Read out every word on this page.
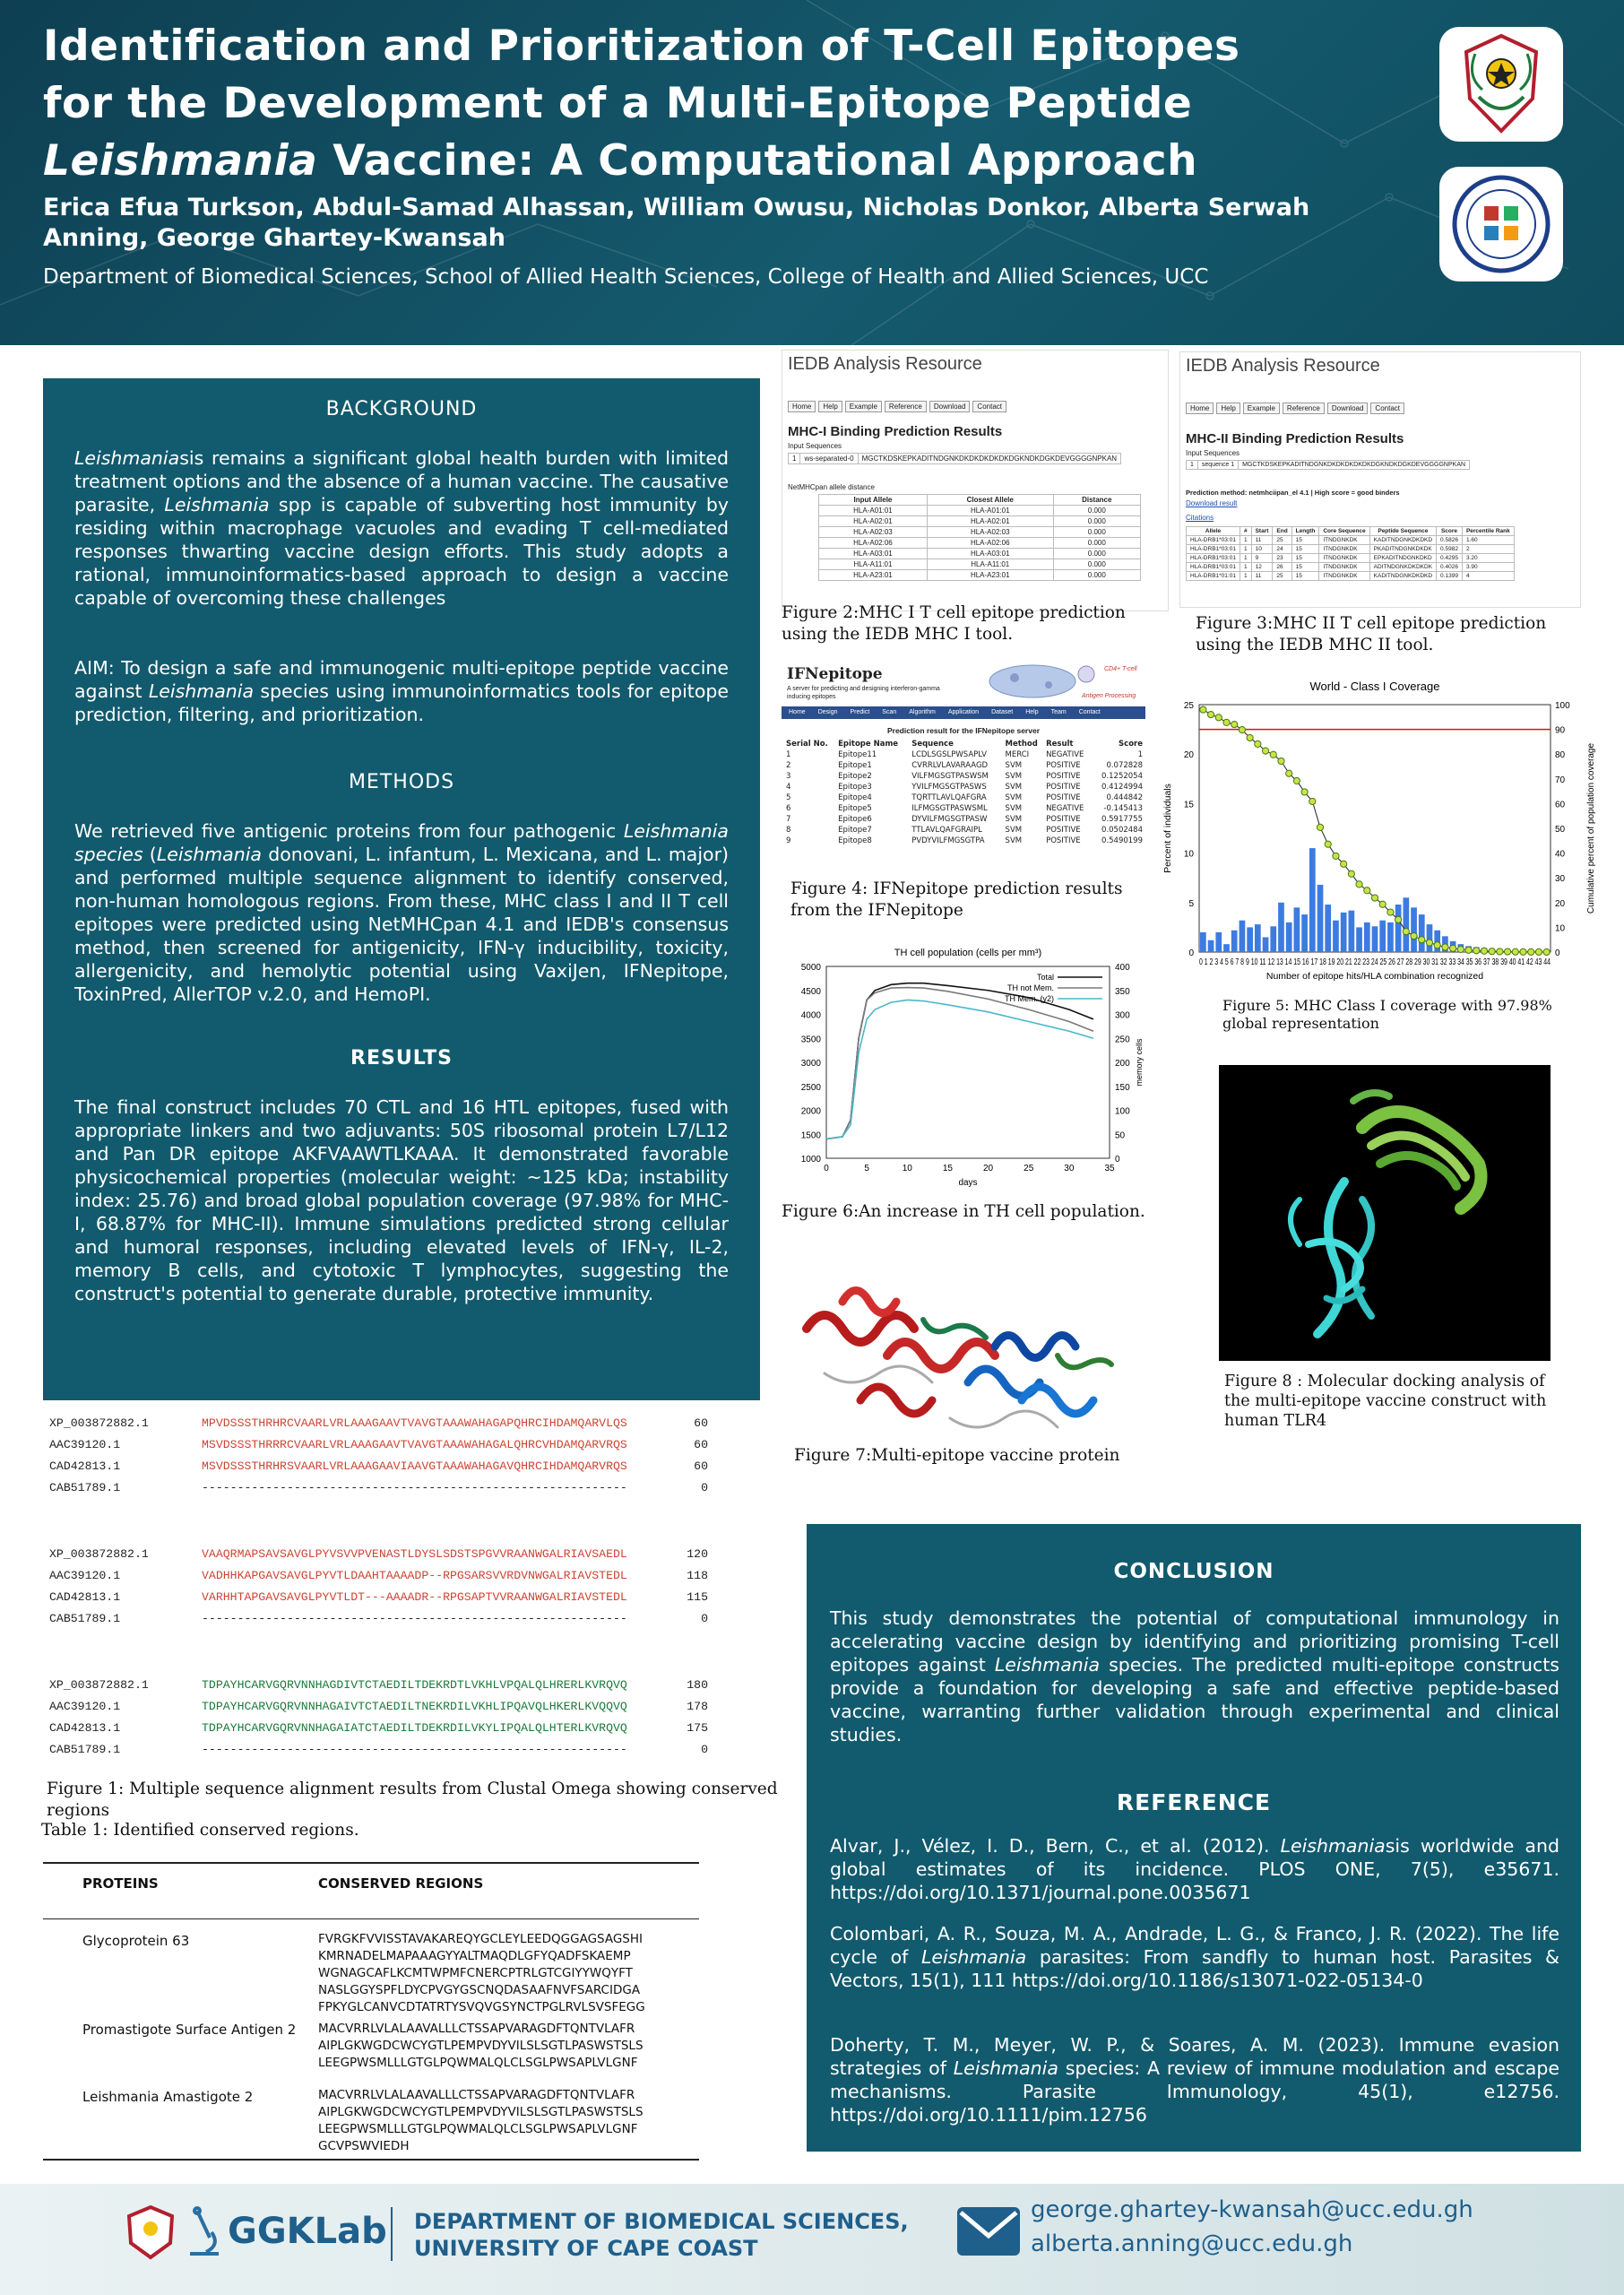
Identification and Prioritization of T-Cell Epitopes
for the Development of a Multi-Epitope Peptide
Leishmania Vaccine: A Computational Approach
Erica Efua Turkson, Abdul-Samad Alhassan, William Owusu, Nicholas Donkor, Alberta Serwah
Anning, George Ghartey-Kwansah
Department of Biomedical Sciences, School of Allied Health Sciences, College of Health and Allied Sciences, UCC
BACKGROUND
Leishmaniasis remains a significant global health burden with limited treatment options and the absence of a human vaccine. The causative parasite, Leishmania spp is capable of subverting host immunity by residing within macrophage vacuoles and evading T cell-mediated responses thwarting vaccine design efforts. This study adopts a rational, immunoinformatics-based approach to design a vaccine capable of overcoming these challenges
AIM: To design a safe and immunogenic multi-epitope peptide vaccine against Leishmania species using immunoinformatics tools for epitope prediction, filtering, and prioritization.
METHODS
We retrieved five antigenic proteins from four pathogenic Leishmania species (Leishmania donovani, L. infantum, L. Mexicana, and L. major) and performed multiple sequence alignment to identify conserved, non-human homologous regions. From these, MHC class I and II T cell epitopes were predicted using NetMHCpan 4.1 and IEDB's consensus method, then screened for antigenicity, IFN-γ inducibility, toxicity, allergenicity, and hemolytic potential using VaxiJen, IFNepitope, ToxinPred, AllerTOP v.2.0, and HemoPI.
RESULTS
The final construct includes 70 CTL and 16 HTL epitopes, fused with appropriate linkers and two adjuvants: 50S ribosomal protein L7/L12 and Pan DR epitope AKFVAAWTLKAAA. It demonstrated favorable physicochemical properties (molecular weight: ~125 kDa; instability index: 25.76) and broad global population coverage (97.98% for MHC-I, 68.87% for MHC-II). Immune simulations predicted strong cellular and humoral responses, including elevated levels of IFN-γ, IL-2, memory B cells, and cytotoxic T lymphocytes, suggesting the construct's potential to generate durable, protective immunity.
IEDB Analysis Resource
Home	Help	Example	Reference	Download	Contact
MHC-I Binding Prediction Results
Input Sequences
1	ws-separated-0	MGCTKDSKEPKADITNDGNKDKDKDKDKDKDGKNDKDGKDEVGGGGNPKAN
NetMHCpan allele distance
Input Allele	Closest Allele	Distance
HLA-A01:01	HLA-A01:01	0.000
HLA-A02:01	HLA-A02:01	0.000
HLA-A02:03	HLA-A02:03	0.000
HLA-A02:06	HLA-A02:06	0.000
HLA-A03:01	HLA-A03:01	0.000
HLA-A11:01	HLA-A11:01	0.000
HLA-A23:01	HLA-A23:01	0.000
Figure 2:MHC I T cell epitope prediction using the IEDB MHC I tool.
IEDB Analysis Resource
Home	Help	Example	Reference	Download	Contact
MHC-II Binding Prediction Results
Input Sequences
1	sequence 1	MGCTKDSKEPKADITNDGNKDKDKDKDKDKDGKNDKDGKDEVGGGGNPKAN
Prediction method: netmhciipan_el 4.1 | High score = good binders
Download result
Citations
Allele	#	Start	End	Length	Core Sequence	Peptide Sequence	Score	Percentile Rank
HLA-DRB1*03:01	1	11	25	15	ITNDGNKDK	KADITNDGNKDKDKD	0.5826	1.60
HLA-DRB1*03:01	1	10	24	15	ITNDGNKDK	PKADITNDGNKDKDK	0.5982	2
HLA-DRB1*03:01	1	9	23	15	ITNDGNKDK	EPKADITNDGNKDKD	0.4295	3.20
HLA-DRB1*03:01	1	12	26	15	ITNDGNKDK	ADITNDGNKDKDKDK	0.4026	3.90
HLA-DRB1*01:01	1	11	25	15	ITNDGNKDK	KADITNDGNKDKDKD	0.1399	4
Figure 3:MHC II T cell epitope prediction using the IEDB MHC II tool.
IFNepitope
A server for predicting and designing interferon-gamma inducing epitopes
CD4+ T-cell
Antigen Processing
Home Design Predict Scan Algorithm Application Dataset Help Team Contact
Prediction result for the IFNepitope server
Serial No.	Epitope Name	Sequence	Method	Result	Score
1	Epitope11	LCDLSGSLPWSAPLV	MERCI	NEGATIVE	1
2	Epitope1	CVRRLVLAVARAAGD	SVM	POSITIVE	0.072828
3	Epitope2	VILFMGSGTPASWSM	SVM	POSITIVE	0.1252054
4	Epitope3	YVILFMGSGTPASWS	SVM	POSITIVE	0.4124994
5	Epitope4	TQRTTLAVLQAFGRA	SVM	POSITIVE	0.444842
6	Epitope5	ILFMGSGTPASWSML	SVM	NEGATIVE	-0.145413
7	Epitope6	DYVILFMGSGTPASW	SVM	POSITIVE	0.5917755
8	Epitope7	TTLAVLQAFGRAIPL	SVM	POSITIVE	0.0502484
9	Epitope8	PVDYVILFMGSGTPA	SVM	POSITIVE	0.5490199
Figure 4: IFNepitope prediction results from the IFNepitope
World - Class I Coverage
0
5
10
15
20
25
0
10
20
30
40
50
60
70
80
90
100
0 1 2 3 4 5 6 7 8 9 10 11 12 13 14 15 16 17 18 19 20 21 22 23 24 25 26 27 28 29 30 31 32 33 34 35 36 37 38 39 40 41 42 43 44
Number of epitope hits/HLA combination recognized
Percent of individuals	Cumulative percent of population coverage
Figure 5: MHC Class I coverage with 97.98% global representation
TH cell population (cells per mm³)
Total
TH not Mem.
TH Mem. (y2)
0	5	10	15	20	25	30	35
1000
1500
2000
2500
3000
3500
4000
4500
5000
0
50
100
150
200
250
300
350
400
days
memory cells
Figure 6:An increase in TH cell population.
Figure 7:Multi-epitope vaccine protein
Figure 8 : Molecular docking analysis of the multi-epitope vaccine construct with human TLR4
XP_003872882.1	MPVDSSSTHRHRCVAARLVRLAAAGAAVTVAVGTAAAWAHAGAPQHRCIHDAMQARVLQS	60
AAC39120.1	MSVDSSSTHRRRCVAARLVRLAAAGAAVTVAVGTAAAWAHAGALQHRCVHDAMQARVRQS	60
CAD42813.1	MSVDSSSTHRHRSVAARLVRLAAAGAAVIAAVGTAAAWAHAGAVQHRCIHDAMQARVRQS	60
CAB51789.1	------------------------------------------------------------	0
XP_003872882.1	VAAQRMAPSAVSAVGLPYVSVVPVENASTLDYSLSDSTSPGVVRAANWGALRIAVSAEDL	120
AAC39120.1	VADHHKAPGAVSAVGLPYVTLDAAHTAAAADP--RPGSARSVVRDVNWGALRIAVSTEDL	118
CAD42813.1	VARHHTAPGAVSAVGLPYVTLDT---AAAADR--RPGSAPTVVRAANWGALRIAVSTEDL	115
CAB51789.1	------------------------------------------------------------	0
XP_003872882.1	TDPAYHCARVGQRVNNHAGDIVTCTAEDILTDEKRDTLVKHLVPQALQLHRERLKVRQVQ	180
AAC39120.1	TDPAYHCARVGQRVNNHAGAIVTCTAEDILTNEKRDILVKHLIPQAVQLHKERLKVQQVQ	178
CAD42813.1	TDPAYHCARVGQRVNNHAGAIATCTAEDILTDEKRDILVKYLIPQALQLHTERLKVRQVQ	175
CAB51789.1	------------------------------------------------------------	0
Figure 1: Multiple sequence alignment results from Clustal Omega showing conserved regions
Table 1: Identified conserved regions.
PROTEINS	CONSERVED REGIONS
Glycoprotein 63	FVRGKFVVISSTAVAKAREQYGCLEYLEEDQGGAGSAGSHI
KMRNADELMAPAAAGYYALTMAQDLGFYQADFSKAEMP
WGNAGCAFLKCMTWPMFCNERCPTRLGTCGIYYWQYFT
NASLGGYSPFLDYCPVGYGSCNQDASAAFNVFSARCIDGA
FPKYGLCANVCDTATRTYSVQVGSYNCTPGLRVLSVSFEGG
Promastigote Surface Antigen 2 MACVRRLVLALAAVALLLCTSSAPVARAGDFTQNTVLAFR
AIPLGKWGDCWCYGTLPEMPVDYVILSLSGTLPASWSTSLS
LEEGPWSMLLLGTGLPQWMALQLCLSGLPWSAPLVLGNF
Leishmania Amastigote 2	MACVRRLVLALAAVALLLCTSSAPVARAGDFTQNTVLAFR
AIPLGKWGDCWCYGTLPEMPVDYVILSLSGTLPASWSTSLS
LEEGPWSMLLLGTGLPQWMALQLCLSGLPWSAPLVLGNF
GCVPSWVIEDH
CONCLUSION
This study demonstrates the potential of computational immunology in accelerating vaccine design by identifying and prioritizing promising T-cell epitopes against Leishmania species. The predicted multi-epitope constructs provide a foundation for developing a safe and effective peptide-based vaccine, warranting further validation through experimental and clinical studies.
REFERENCE
Alvar, J., Vélez, I. D., Bern, C., et al. (2012). Leishmaniasis worldwide and global estimates of its incidence. PLOS ONE, 7(5), e35671. https://doi.org/10.1371/journal.pone.0035671
Colombari, A. R., Souza, M. A., Andrade, L. G., & Franco, J. R. (2022). The life cycle of Leishmania parasites: From sandfly to human host. Parasites & Vectors, 15(1), 111 https://doi.org/10.1186/s13071-022-05134-0
Doherty, T. M., Meyer, W. P., & Soares, A. M. (2023). Immune evasion strategies of Leishmania species: A review of immune modulation and escape mechanisms. Parasite Immunology, 45(1), e12756. https://doi.org/10.1111/pim.12756
GGKLab DEPARTMENT OF BIOMEDICAL SCIENCES,
UNIVERSITY OF CAPE COAST
george.ghartey-kwansah@ucc.edu.gh
alberta.anning@ucc.edu.gh
